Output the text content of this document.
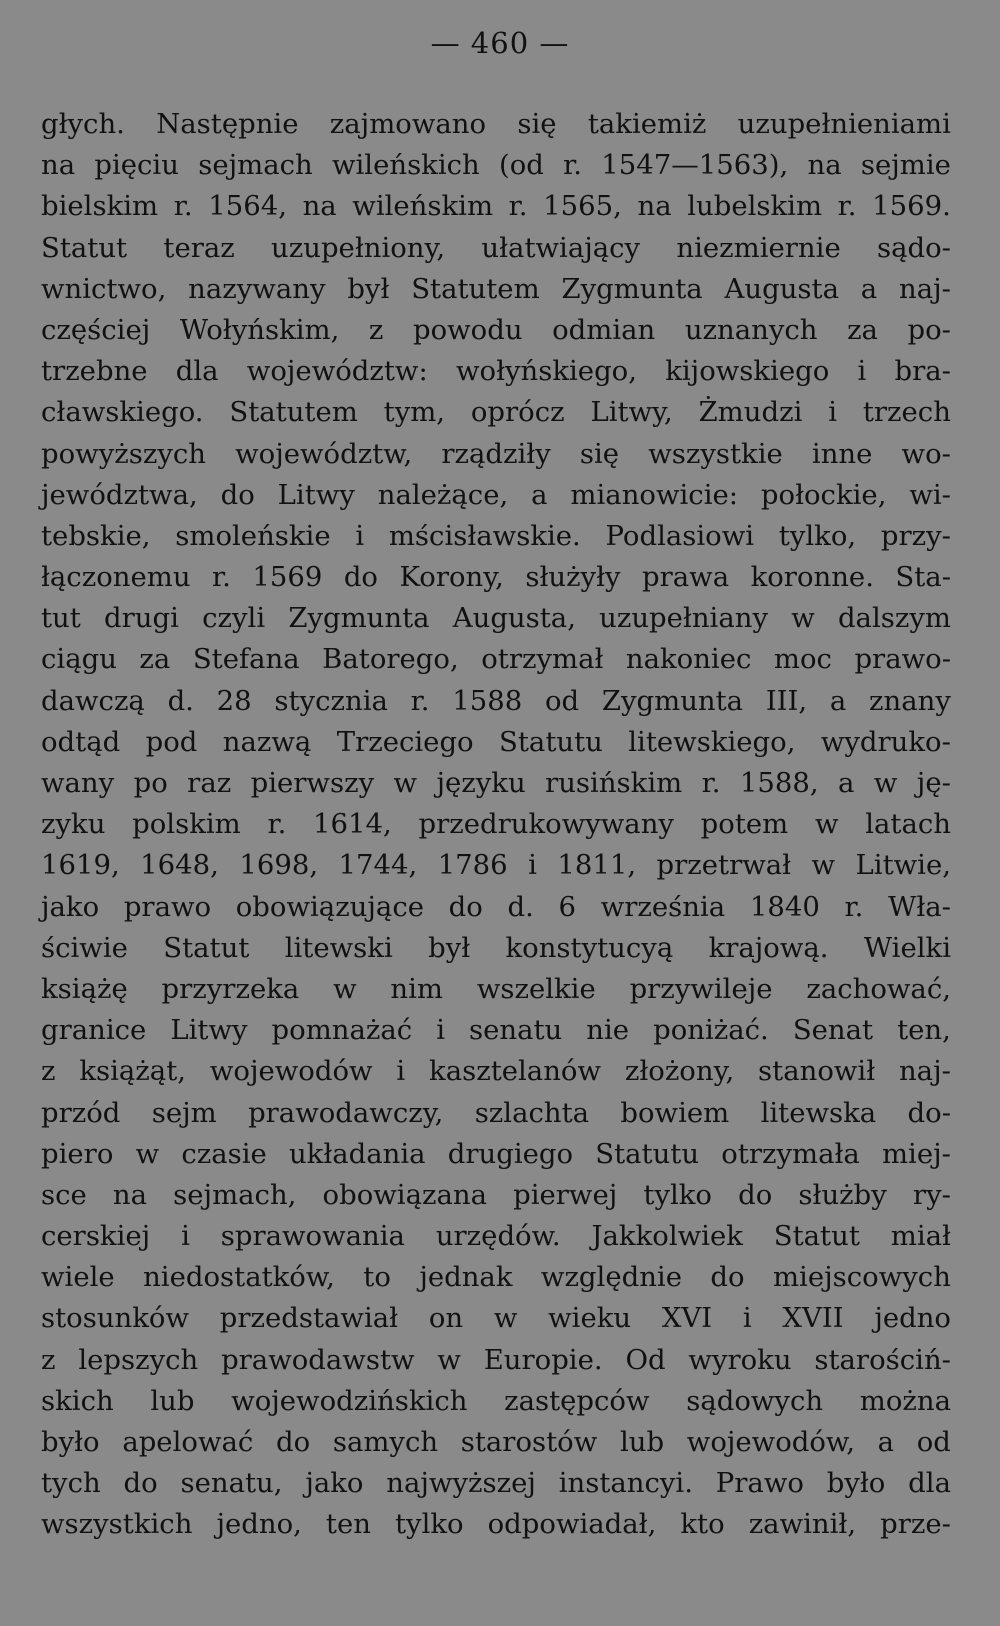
— 460 —
głych. Następnie zajmowano się takiemiż uzupełnieniami
na pięciu sejmach wileńskich (od r. 1547—1563), na sejmie
bielskim r. 1564, na wileńskim r. 1565, na lubelskim r. 1569.
Statut teraz uzupełniony, ułatwiający niezmiernie sądo-
wnictwo, nazywany był Statutem Zygmunta Augusta a naj-
częściej Wołyńskim, z powodu odmian uznanych za po-
trzebne dla województw: wołyńskiego, kijowskiego i bra-
cławskiego. Statutem tym, oprócz Litwy, Żmudzi i trzech
powyższych województw, rządziły się wszystkie inne wo-
jewództwa, do Litwy należące, a mianowicie: połockie, wi-
tebskie, smoleńskie i mścisławskie. Podlasiowi tylko, przy-
łączonemu r. 1569 do Korony, służyły prawa koronne. Sta-
tut drugi czyli Zygmunta Augusta, uzupełniany w dalszym
ciągu za Stefana Batorego, otrzymał nakoniec moc prawo-
dawczą d. 28 stycznia r. 1588 od Zygmunta III, a znany
odtąd pod nazwą Trzeciego Statutu litewskiego, wydruko-
wany po raz pierwszy w języku rusińskim r. 1588, a w ję-
zyku polskim r. 1614, przedrukowywany potem w latach
1619, 1648, 1698, 1744, 1786 i 1811, przetrwał w Litwie,
jako prawo obowiązujące do d. 6 września 1840 r. Wła-
ściwie Statut litewski był konstytucyą krajową. Wielki
książę przyrzeka w nim wszelkie przywileje zachować,
granice Litwy pomnażać i senatu nie poniżać. Senat ten,
z książąt, wojewodów i kasztelanów złożony, stanowił naj-
przód sejm prawodawczy, szlachta bowiem litewska do-
piero w czasie układania drugiego Statutu otrzymała miej-
sce na sejmach, obowiązana pierwej tylko do służby ry-
cerskiej i sprawowania urzędów. Jakkolwiek Statut miał
wiele niedostatków, to jednak względnie do miejscowych
stosunków przedstawiał on w wieku XVI i XVII jedno
z lepszych prawodawstw w Europie. Od wyroku starościń-
skich lub wojewodzińskich zastępców sądowych można
było apelować do samych starostów lub wojewodów, a od
tych do senatu, jako najwyższej instancyi. Prawo było dla
wszystkich jedno, ten tylko odpowiadał, kto zawinił, prze-
